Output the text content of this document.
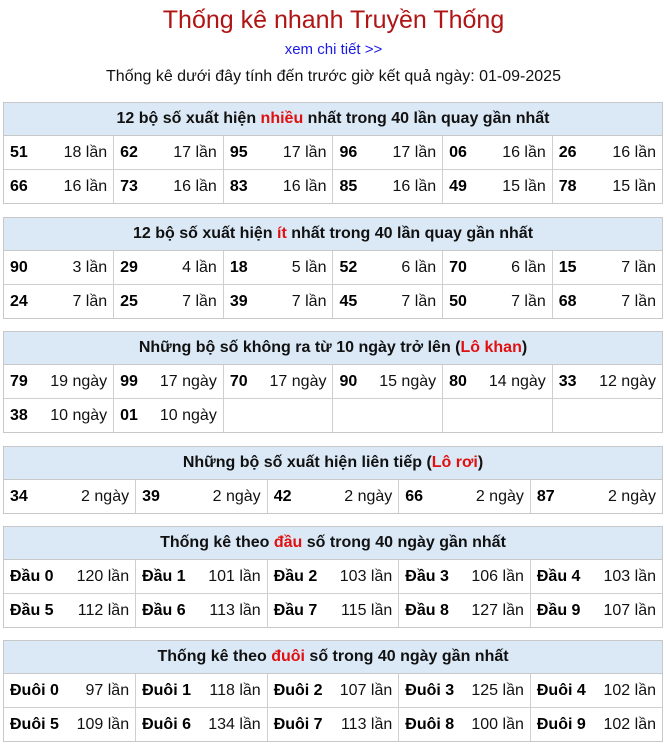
Thống kê nhanh Truyền Thống
xem chi tiết >>
Thống kê dưới đây tính đến trước giờ kết quả ngày: 01-09-2025
12 bộ số xuất hiện nhiều nhất trong 40 lần quay gần nhất
51 18 lần	62 17 lần	95 17 lần	96 17 lần	06 16 lần	26 16 lần

66 16 lần	73 16 lần	83 16 lần	85 16 lần	49 15 lần	78 15 lần
12 bộ số xuất hiện ít nhất trong 40 lần quay gần nhất
90 3 lần	29 4 lần	18 5 lần	52 6 lần	70 6 lần	15 7 lần

24 7 lần	25 7 lần	39 7 lần	45 7 lần	50 7 lần	68 7 lần
Những bộ số không ra từ 10 ngày trở lên (Lô khan)
79 19 ngày	99 17 ngày	70 17 ngày	90 15 ngày	80 14 ngày	33 12 ngày

38 10 ngày	01 10 ngày				

Những bộ số xuất hiện liên tiếp (Lô rơi)
34	2 ngày	39	2 ngày	42	2 ngày	66	2 ngày	87	2 ngày
Thống kê theo đầu số trong 40 ngày gần nhất
Đầu 0 120 lần	Đầu 1 101 lần	Đầu 2 103 lần	Đầu 3 106 lần	Đầu 4 103 lần

Đầu 5 112 lần	Đầu 6 113 lần	Đầu 7 115 lần	Đầu 8 127 lần	Đầu 9 107 lần
Thống kê theo đuôi số trong 40 ngày gần nhất
Đuôi 0 97 lần	Đuôi 1 118 lần	Đuôi 2 107 lần	Đuôi 3 125 lần	Đuôi 4 102 lần

Đuôi 5 109 lần	Đuôi 6 134 lần	Đuôi 7 113 lần	Đuôi 8 100 lần	Đuôi 9 102 lần
